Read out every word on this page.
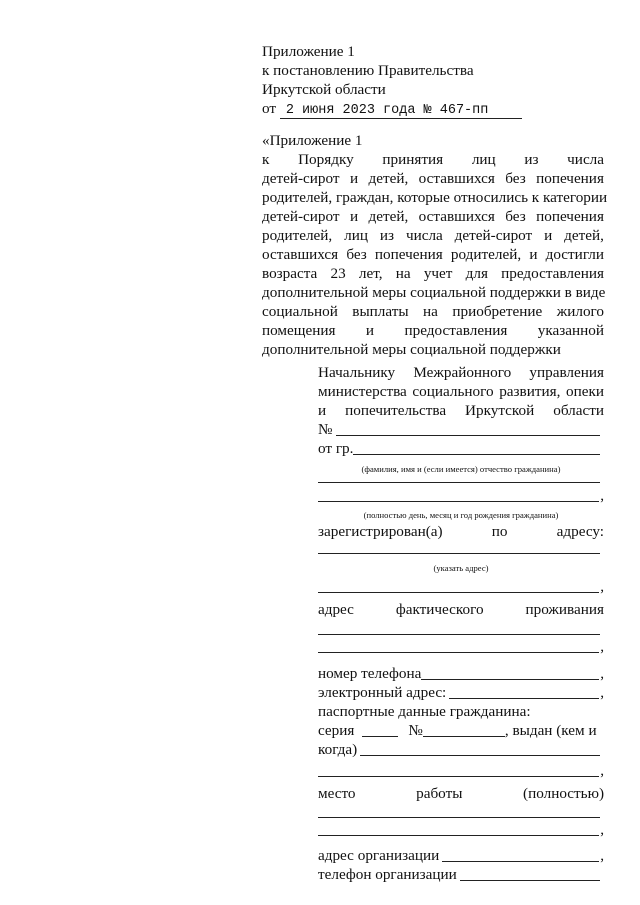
Приложение 1
к постановлению Правительства
Иркутской области
от 2 июня 2023 года № 467-пп
«Приложение 1
к Порядку принятия лиц из числа
детей-сирот и детей, оставшихся без попечения
родителей, граждан, которые относились к категории
детей-сирот и детей, оставшихся без попечения
родителей, лиц из числа детей-сирот и детей,
оставшихся без попечения родителей, и достигли
возраста 23 лет, на учет для предоставления
дополнительной меры социальной поддержки в виде
социальной выплаты на приобретение жилого
помещения и предоставления указанной
дополнительной меры социальной поддержки
Начальнику Межрайонного управления
министерства социального развития, опеки
и попечительства Иркутской области
№
от гр.
(фамилия, имя и (если имеется) отчество гражданина)
,
(полностью день, месяц и год рождения гражданина)
зарегистрирован(а)	по	адресу:
(указать адрес)
,
адрес	фактического	проживания
,
номер телефона	,
электронный адрес:	,
паспортные данные гражданина:
серия	№	, выдан (кем и
когда)
,
место	работы	(полностью)
,
адрес организации	,
телефон организации
